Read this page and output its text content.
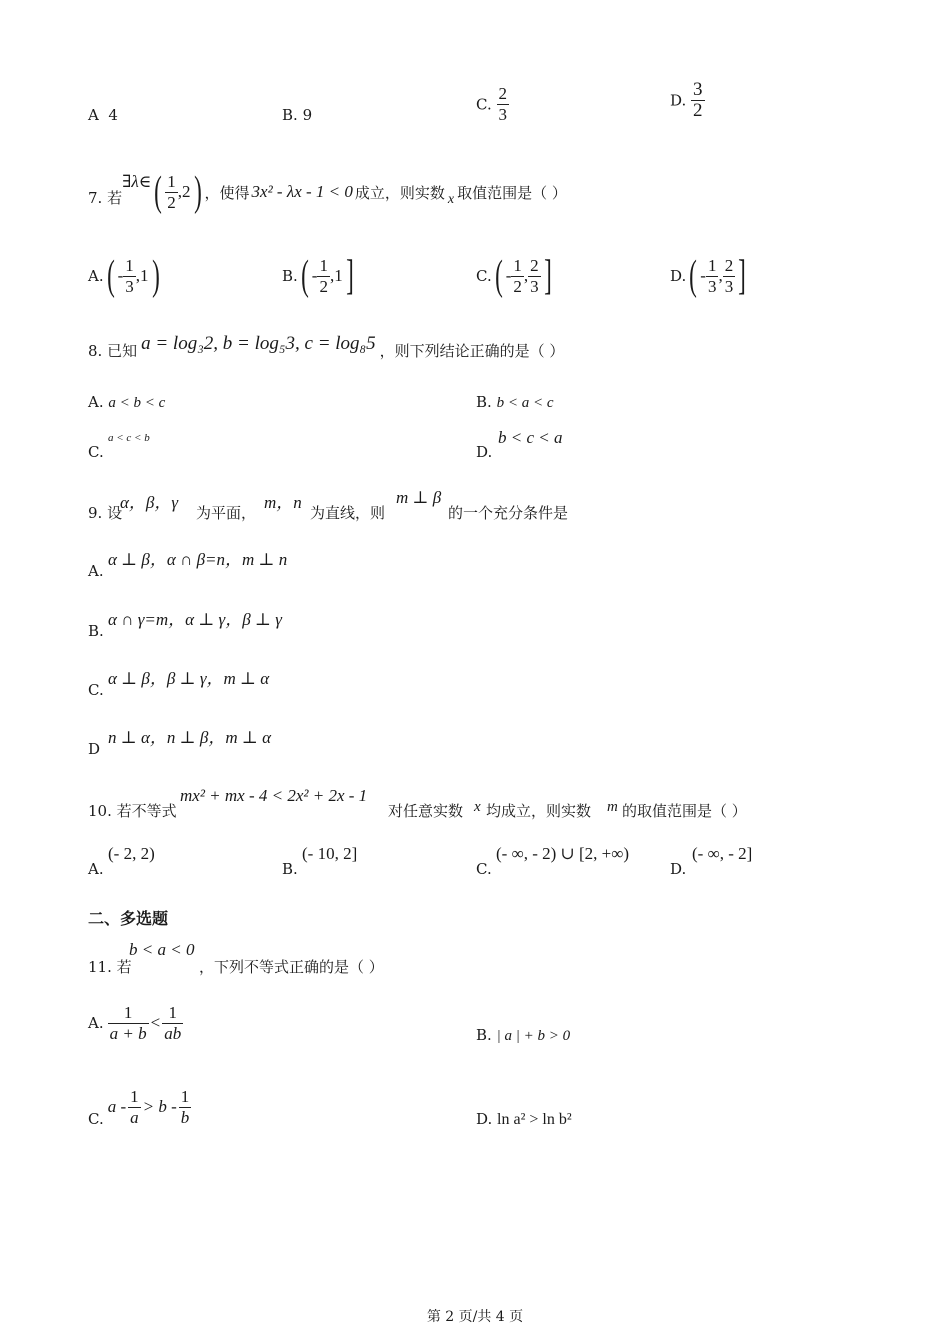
A 4	B. 9
C. $\frac{2}{3}$	D. $\frac{3}{2}$
7. 若
∃λ∈ ( $\frac{1}{2} ,2$ ) ，使得 3x² - λx - 1 < 0 成立，则实数 x 取值范围是（ ）
A. ( - $\frac{1}{3} ,1$ )	B. ( - $\frac{1}{2} ,1$ ]	C. ( - $\frac{1}{2}$ , $\frac{2}{3}$ ]	D. ( - $\frac{1}{3}$ , $\frac{2}{3}$ ]
8. 已知 a = log₃2, b = log₅3, c = log₈5 ，则下列结论正确的是（ ）
A. a < b < c	B. b < a < c
C.
a < c < b
D.
b < c < a
9. 设
α，β，γ
为平面，
m，n
为直线，则
m ⊥ β
的一个充分条件是
A.
α ⊥ β，α ∩ β=n，m ⊥ n
B.
α ∩ γ=m，α ⊥ γ，β ⊥ γ
C.
α ⊥ β，β ⊥ γ，m ⊥ α
D
n ⊥ α，n ⊥ β，m ⊥ α
10. 若不等式
mx² + mx - 4 < 2x² + 2x - 1
对任意实数 x 均成立，则实数 m 的取值范围是（ ）
A.
(- 2, 2)
B.
(- 10, 2]
C.
(- ∞, - 2) ∪ [2, +∞)
D.
(- ∞, - 2]
二、多选题
11. 若
b < a < 0
，下列不等式正确的是（ ）
A. $\frac{1}{a + b} < \frac{1}{ab}$	B. | a | + b > 0
C.
$a - \frac{1}{a} > b - \frac{1}{b}$	D. ln a² > ln b²
第 2 页/共 4 页
